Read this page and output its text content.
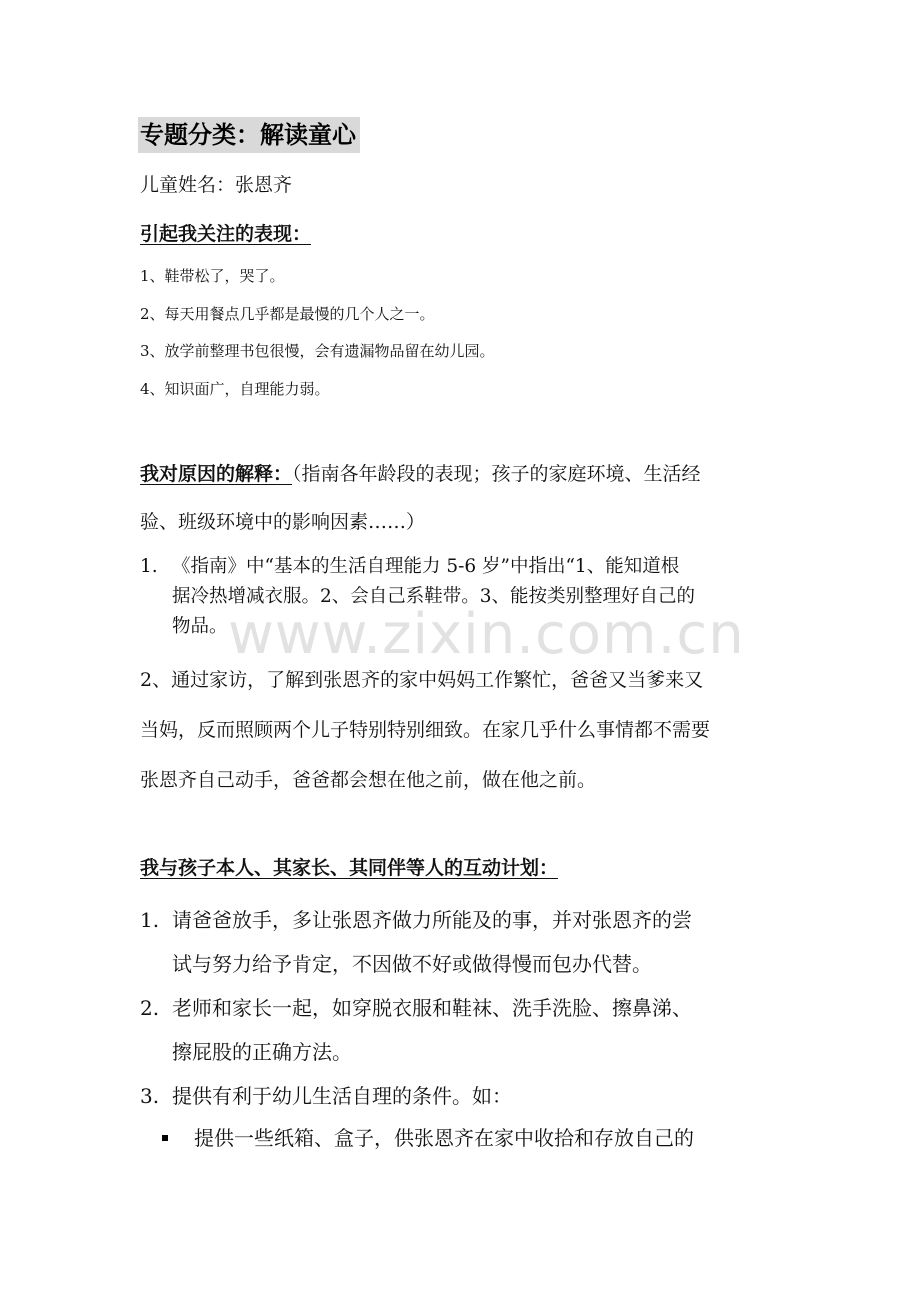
专题分类：解读童心
儿童姓名：张恩齐
引起我关注的表现：
1、鞋带松了，哭了。
2、每天用餐点几乎都是最慢的几个人之一。
3、放学前整理书包很慢，会有遗漏物品留在幼儿园。
4、知识面广，自理能力弱。
我对原因的解释：（指南各年龄段的表现；孩子的家庭环境、生活经
验、班级环境中的影响因素……）
1. 《指南》中“基本的生活自理能力 5-6 岁”中指出“1、能知道根
据冷热增减衣服。2、会自己系鞋带。3、能按类别整理好自己的
物品。
2、通过家访，了解到张恩齐的家中妈妈工作繁忙，爸爸又当爹来又
当妈，反而照顾两个儿子特别特别细致。在家几乎什么事情都不需要
张恩齐自己动手，爸爸都会想在他之前，做在他之前。
我与孩子本人、其家长、其同伴等人的互动计划：
1. 请爸爸放手，多让张恩齐做力所能及的事，并对张恩齐的尝
试与努力给予肯定，不因做不好或做得慢而包办代替。
2. 老师和家长一起，如穿脱衣服和鞋袜、洗手洗脸、擦鼻涕、
擦屁股的正确方法。
3. 提供有利于幼儿生活自理的条件。如：
提供一些纸箱、盒子，供张恩齐在家中收拾和存放自己的
www.zixin.com.cn
